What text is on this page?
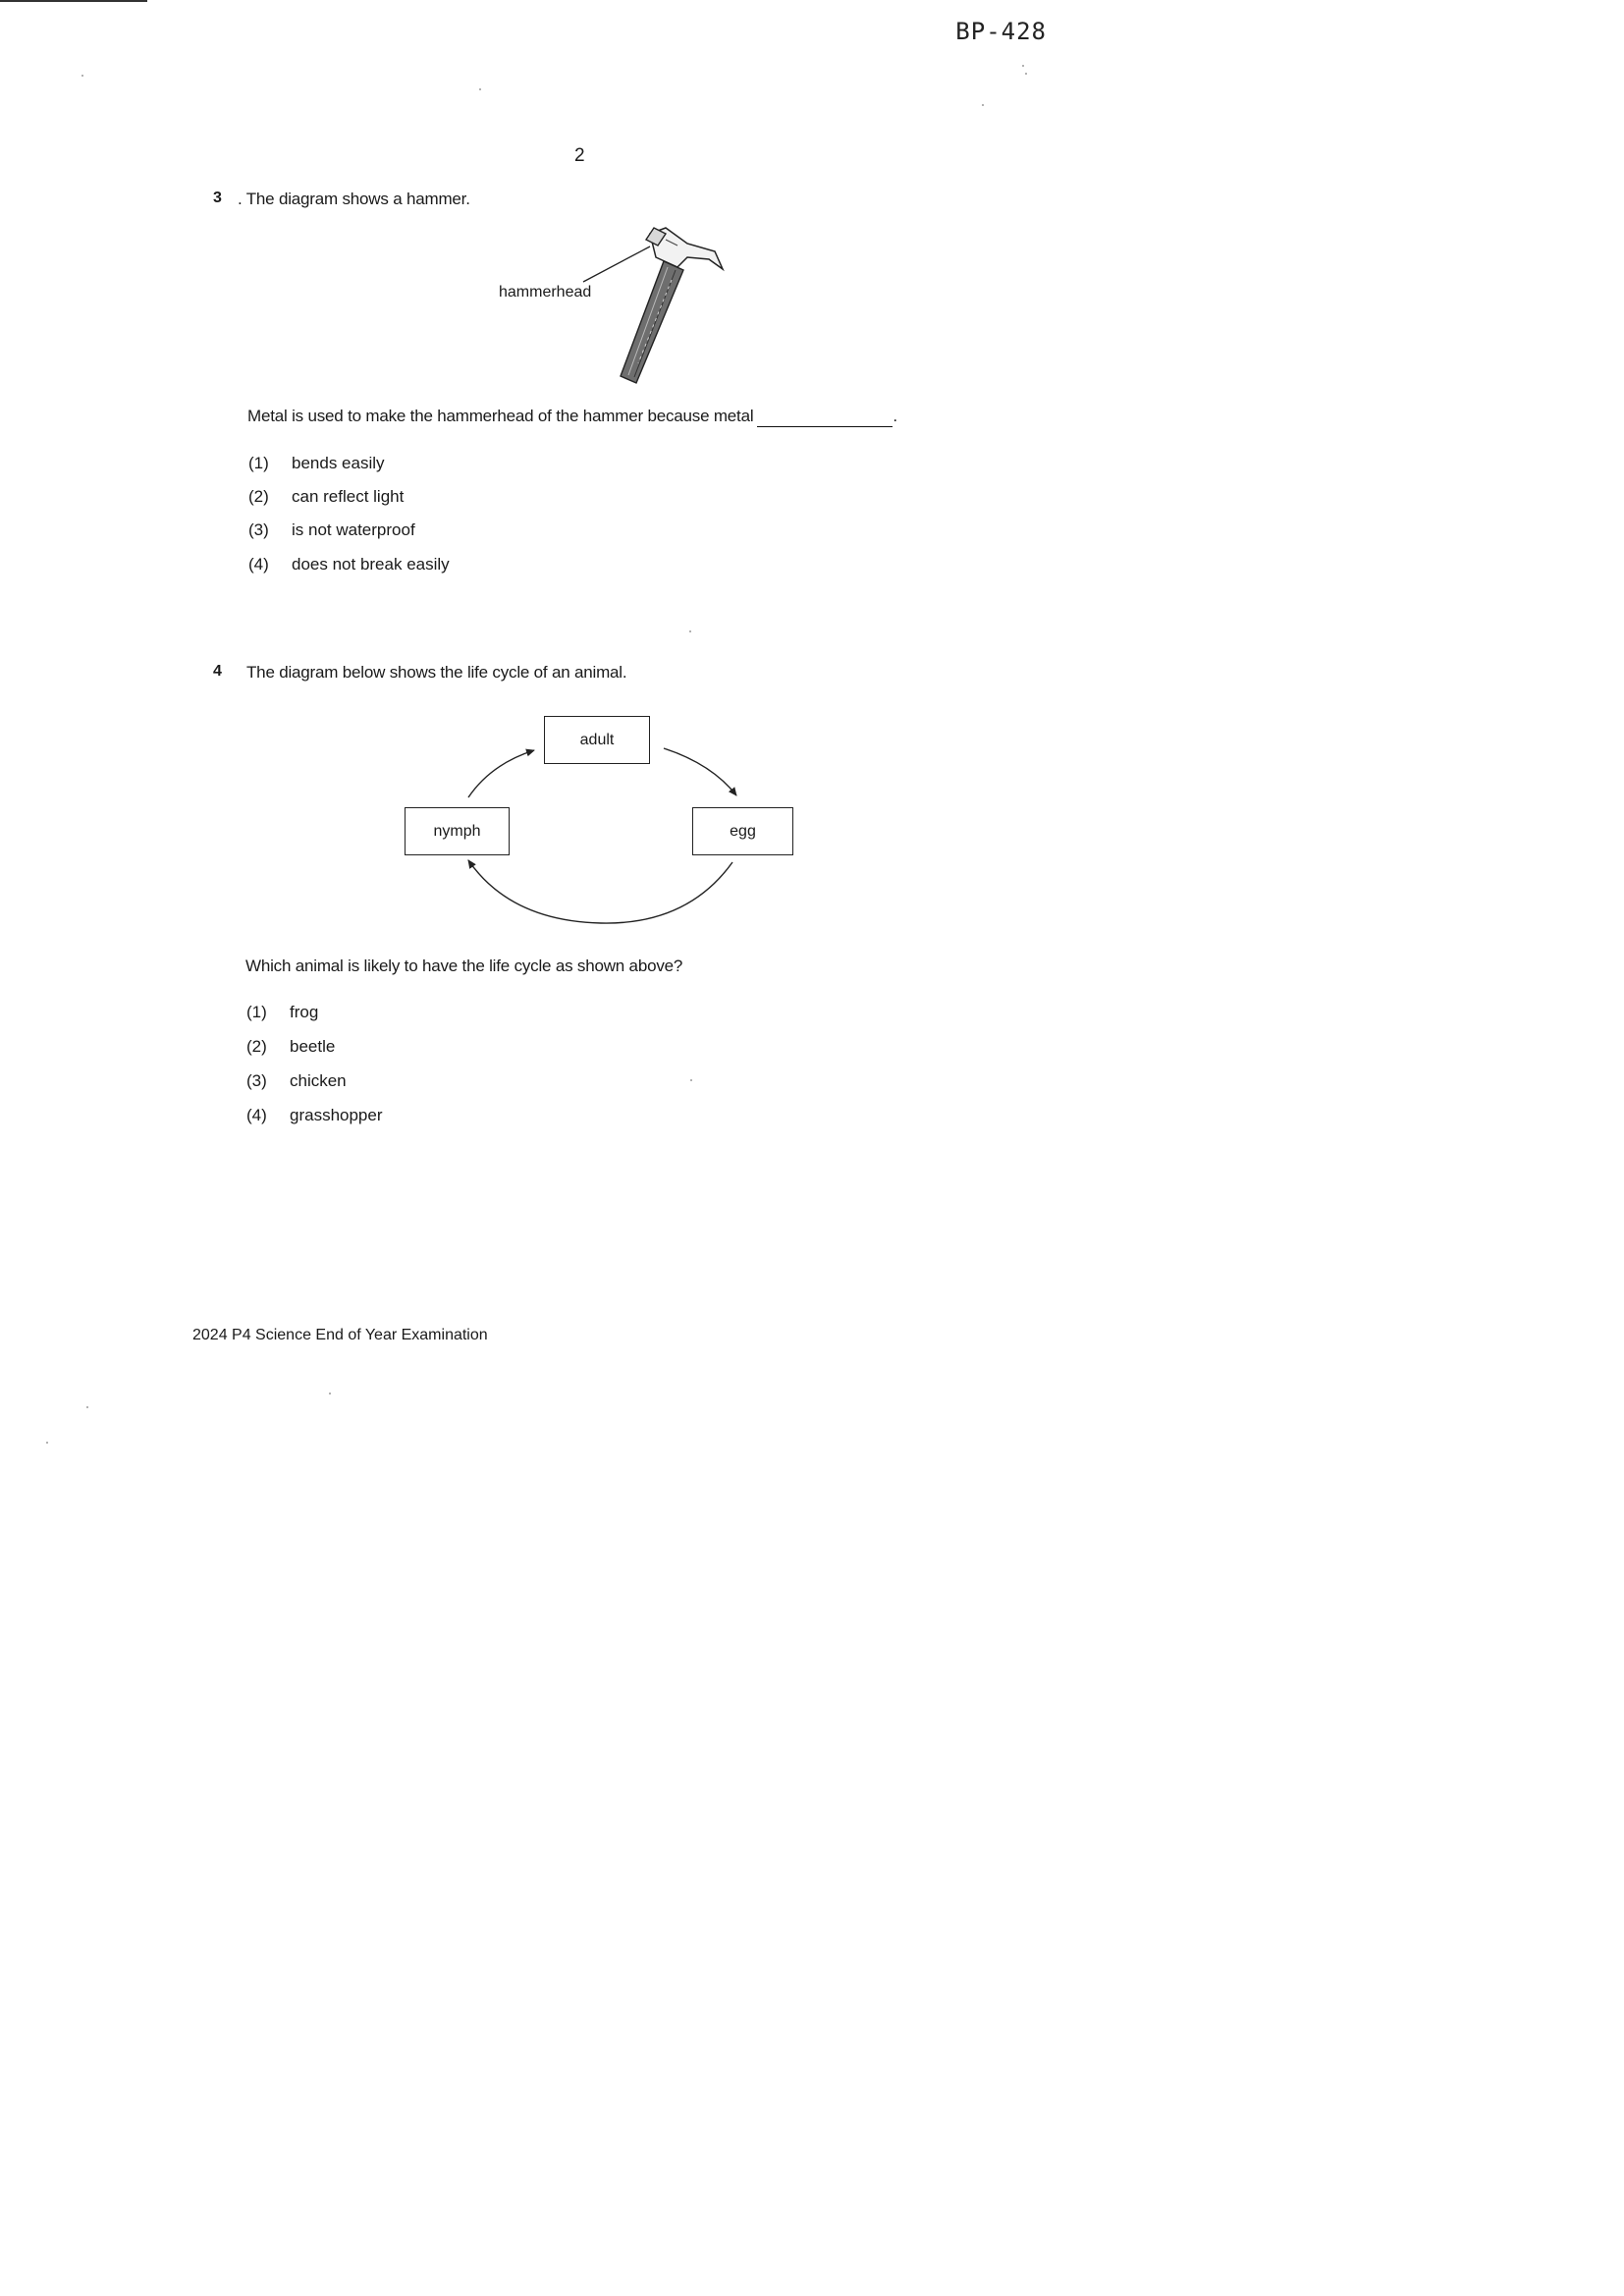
BP-428
2
3 . The diagram shows a hammer.
hammerhead
Metal is used to make the hammerhead of the hammer because metal	.
(1) bends easily
(2) can reflect light
(3) is not waterproof
(4) does not break easily
4 The diagram below shows the life cycle of an animal.
adult
egg
nymph
Which animal is likely to have the life cycle as shown above?
(1) frog
(2) beetle
(3) chicken
(4) grasshopper
2024 P4 Science End of Year Examination
